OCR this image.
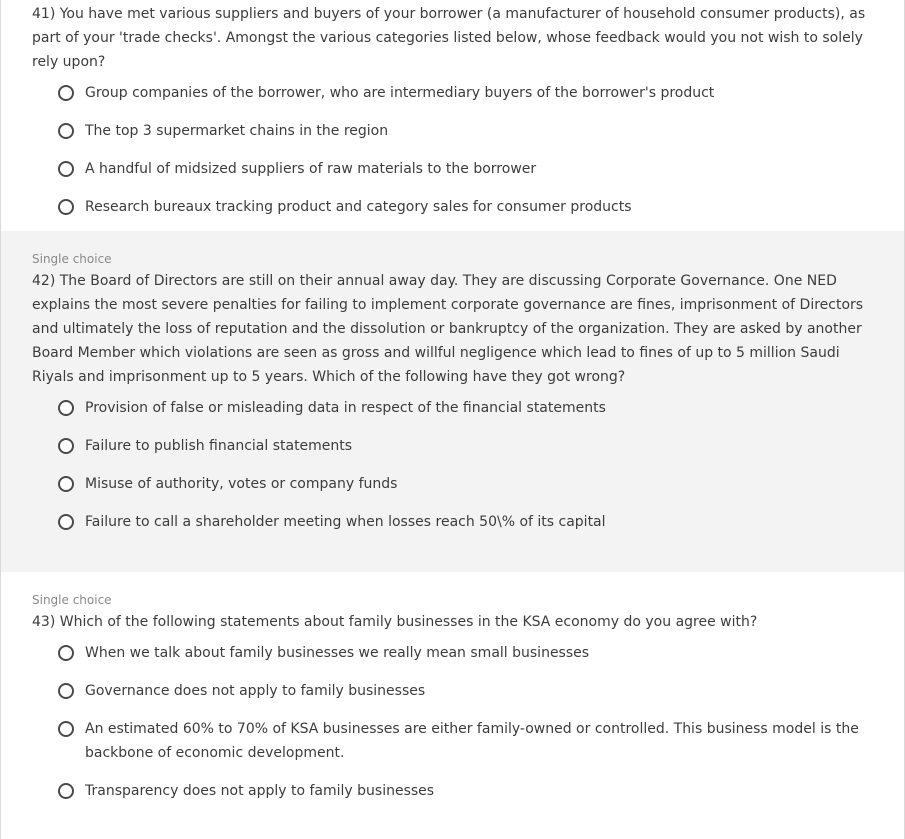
41) You have met various suppliers and buyers of your borrower (a manufacturer of household consumer products), as part of your 'trade checks'. Amongst the various categories listed below, whose feedback would you not wish to solely rely upon?

Group companies of the borrower, who are intermediary buyers of the borrower's product
The top 3 supermarket chains in the region
A handful of midsized suppliers of raw materials to the borrower
Research bureaux tracking product and category sales for consumer products
Single choice

42) The Board of Directors are still on their annual away day. They are discussing Corporate Governance. One NED explains the most severe penalties for failing to implement corporate governance are fines, imprisonment of Directors and ultimately the loss of reputation and the dissolution or bankruptcy of the organization. They are asked by another Board Member which violations are seen as gross and willful negligence which lead to fines of up to 5 million Saudi Riyals and imprisonment up to 5 years. Which of the following have they got wrong?

Provision of false or misleading data in respect of the financial statements
Failure to publish financial statements
Misuse of authority, votes or company funds
Failure to call a shareholder meeting when losses reach 50\% of its capital
Single choice

43) Which of the following statements about family businesses in the KSA economy do you agree with?

When we talk about family businesses we really mean small businesses
Governance does not apply to family businesses
An estimated 60% to 70% of KSA businesses are either family-owned or controlled. This business model is the backbone of economic development.
Transparency does not apply to family businesses
